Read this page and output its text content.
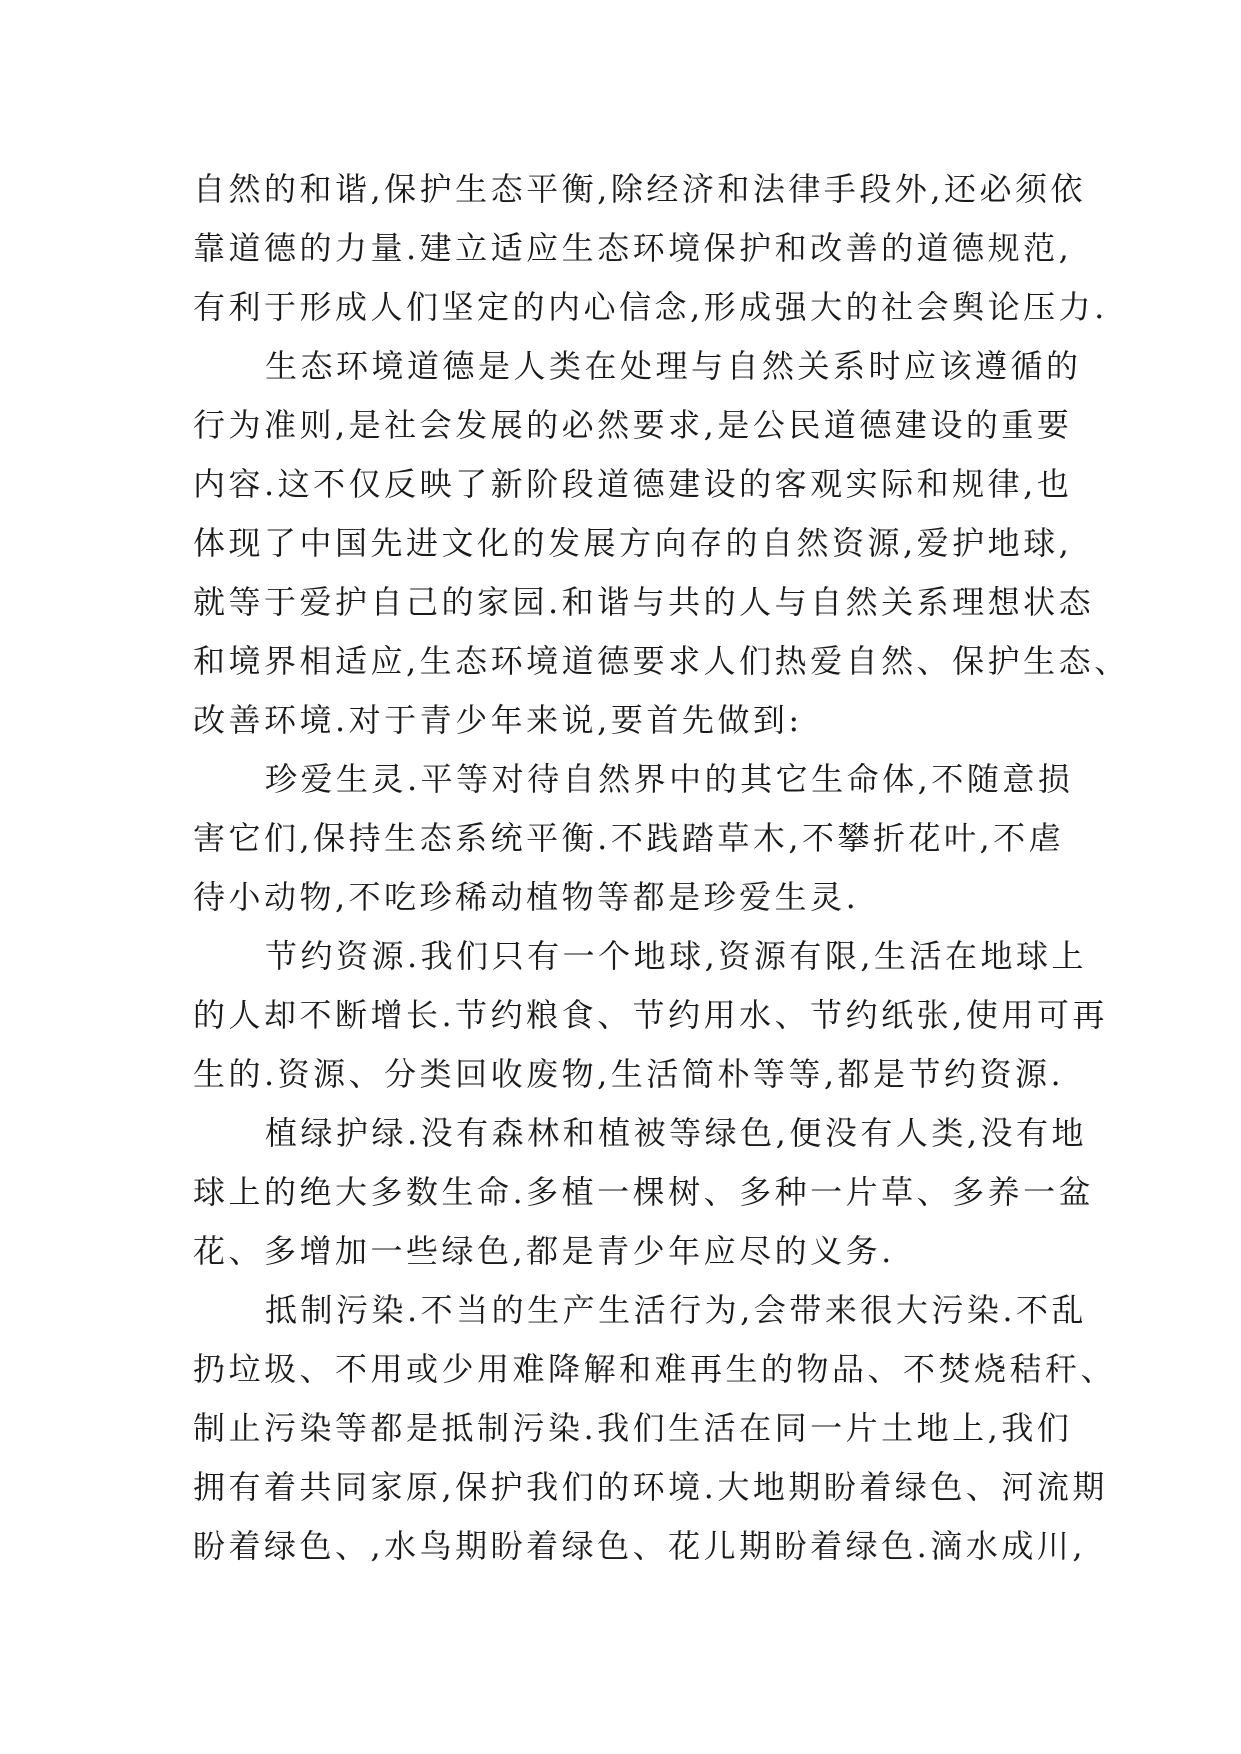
自然的和谐,保护生态平衡,除经济和法律手段外,还必须依
靠道德的力量.建立适应生态环境保护和改善的道德规范,
有利于形成人们坚定的内心信念,形成强大的社会舆论压力.
生态环境道德是人类在处理与自然关系时应该遵循的
行为准则,是社会发展的必然要求,是公民道德建设的重要
内容.这不仅反映了新阶段道德建设的客观实际和规律,也
体现了中国先进文化的发展方向存的自然资源,爱护地球,
就等于爱护自己的家园.和谐与共的人与自然关系理想状态
和境界相适应,生态环境道德要求人们热爱自然、保护生态、
改善环境.对于青少年来说,要首先做到:
珍爱生灵.平等对待自然界中的其它生命体,不随意损
害它们,保持生态系统平衡.不践踏草木,不攀折花叶,不虐
待小动物,不吃珍稀动植物等都是珍爱生灵.
节约资源.我们只有一个地球,资源有限,生活在地球上
的人却不断增长.节约粮食、节约用水、节约纸张,使用可再
生的.资源、分类回收废物,生活简朴等等,都是节约资源.
植绿护绿.没有森林和植被等绿色,便没有人类,没有地
球上的绝大多数生命.多植一棵树、多种一片草、多养一盆
花、多增加一些绿色,都是青少年应尽的义务.
抵制污染.不当的生产生活行为,会带来很大污染.不乱
扔垃圾、不用或少用难降解和难再生的物品、不焚烧秸秆、
制止污染等都是抵制污染.我们生活在同一片土地上,我们
拥有着共同家原,保护我们的环境.大地期盼着绿色、河流期
盼着绿色、,水鸟期盼着绿色、花儿期盼着绿色.滴水成川,
